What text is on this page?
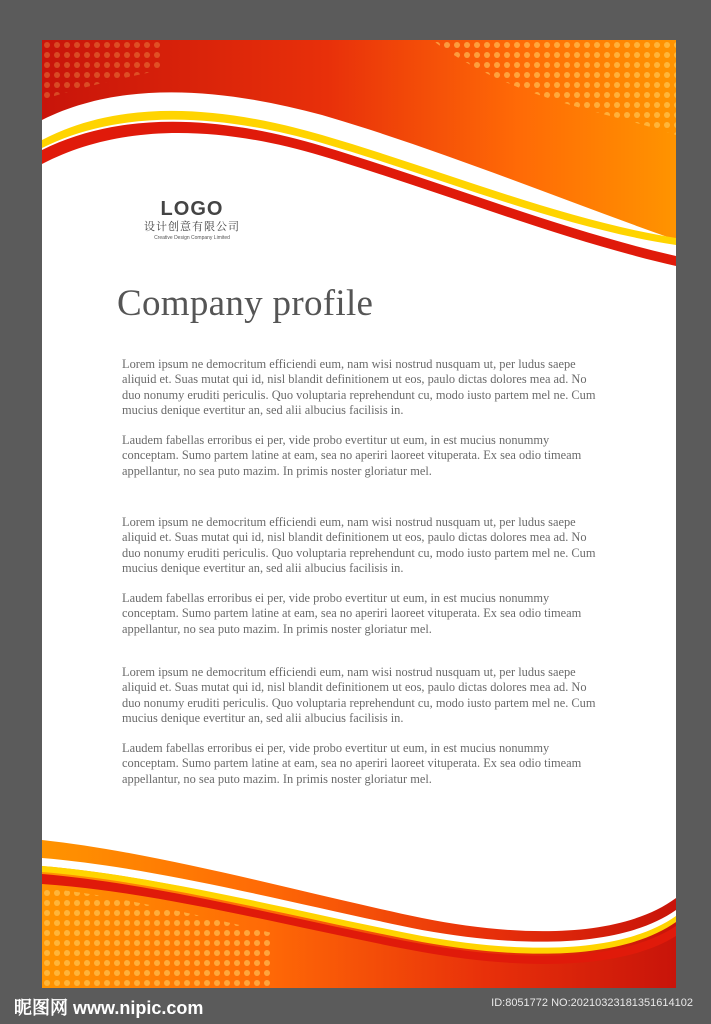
LOGO
设计创意有限公司
Creative Design Company Limited
Company profile

Lorem ipsum ne democritum efficiendi eum, nam wisi nostrud nusquam ut, per ludus saepe aliquid et. Suas mutat qui id, nisl blandit definitionem ut eos, paulo dictas dolores mea ad. No duo nonumy eruditi periculis. Quo voluptaria reprehendunt cu, modo iusto partem mel ne. Cum mucius denique evertitur an, sed alii albucius facilisis in.

Laudem fabellas erroribus ei per, vide probo evertitur ut eum, in est mucius nonummy conceptam. Sumo partem latine at eam, sea no aperiri laoreet vituperata. Ex sea odio timeam appellantur, no sea puto mazim. In primis noster gloriatur mel.

Lorem ipsum ne democritum efficiendi eum, nam wisi nostrud nusquam ut, per ludus saepe aliquid et. Suas mutat qui id, nisl blandit definitionem ut eos, paulo dictas dolores mea ad. No duo nonumy eruditi periculis. Quo voluptaria reprehendunt cu, modo iusto partem mel ne. Cum mucius denique evertitur an, sed alii albucius facilisis in.

Laudem fabellas erroribus ei per, vide probo evertitur ut eum, in est mucius nonummy conceptam. Sumo partem latine at eam, sea no aperiri laoreet vituperata. Ex sea odio timeam appellantur, no sea puto mazim. In primis noster gloriatur mel.

Lorem ipsum ne democritum efficiendi eum, nam wisi nostrud nusquam ut, per ludus saepe aliquid et. Suas mutat qui id, nisl blandit definitionem ut eos, paulo dictas dolores mea ad. No duo nonumy eruditi periculis. Quo voluptaria reprehendunt cu, modo iusto partem mel ne. Cum mucius denique evertitur an, sed alii albucius facilisis in.

Laudem fabellas erroribus ei per, vide probo evertitur ut eum, in est mucius nonummy conceptam. Sumo partem latine at eam, sea no aperiri laoreet vituperata. Ex sea odio timeam appellantur, no sea puto mazim. In primis noster gloriatur mel.

昵图网 www.nipic.com	ID:8051772 NO:20210323181351614102
